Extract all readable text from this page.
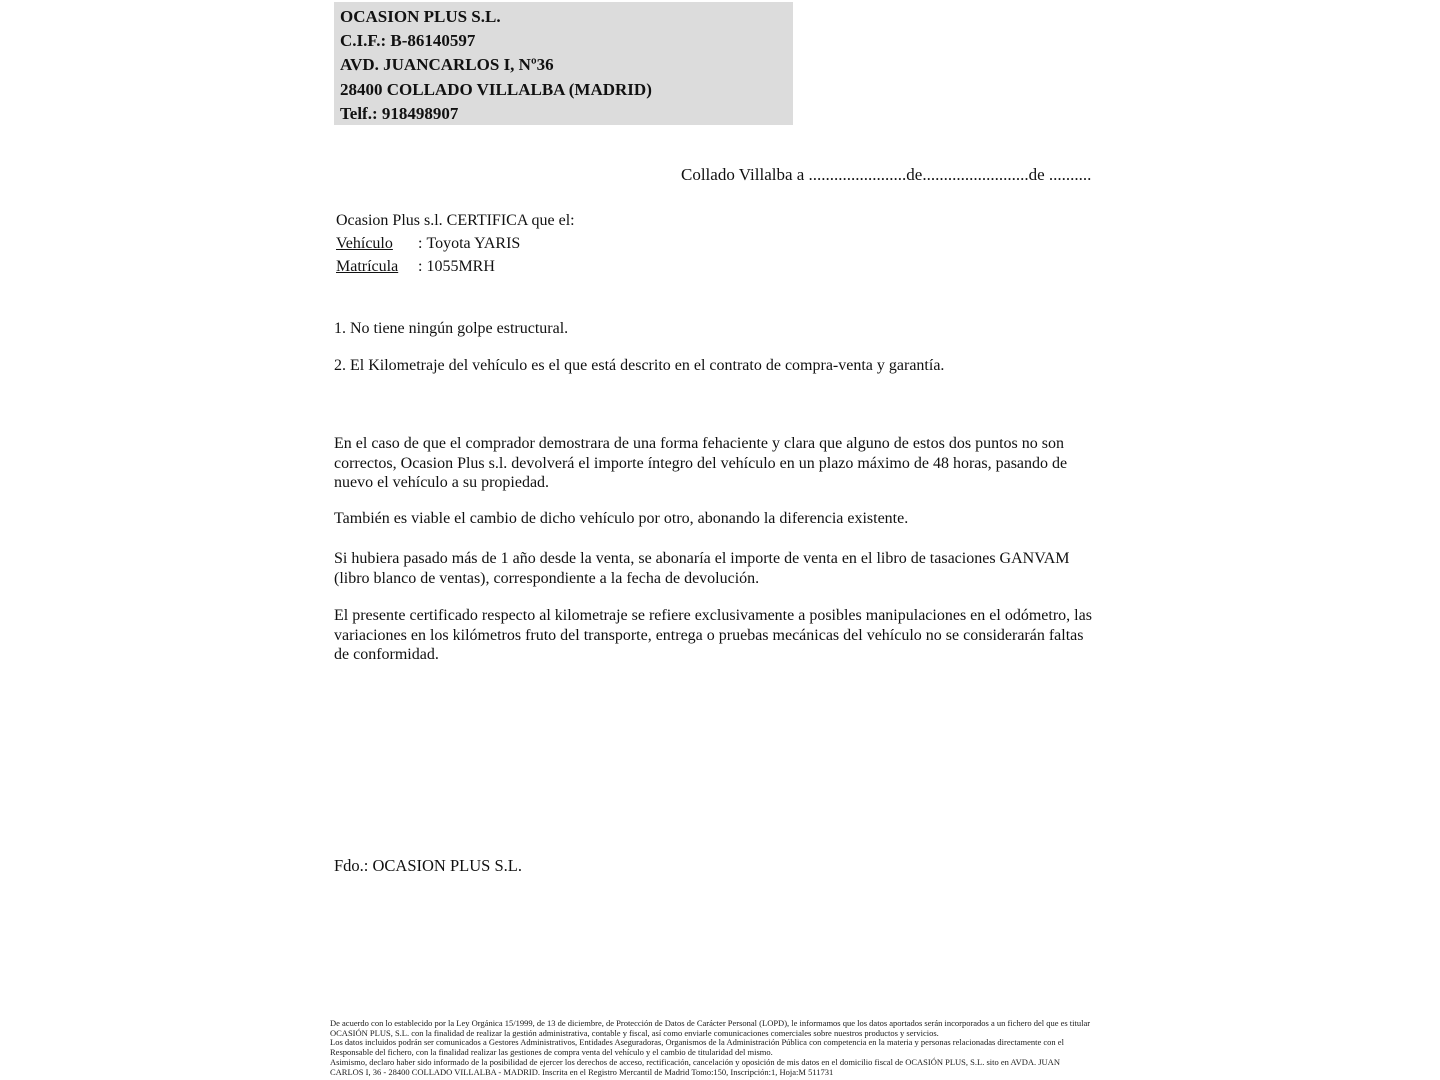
OCASION PLUS S.L.
C.I.F.: B-86140597
AVD. JUANCARLOS I, Nº36
28400 COLLADO VILLALBA (MADRID)
Telf.: 918498907
Collado Villalba a .......................de.........................de ..........
Ocasion Plus s.l. CERTIFICA que el:
Vehículo : Toyota YARIS
Matrícula : 1055MRH
1. No tiene ningún golpe estructural.
2. El Kilometraje del vehículo es el que está descrito en el contrato de compra-venta y garantía.
En el caso de que el comprador demostrara de una forma fehaciente y clara que alguno de estos dos puntos no son correctos, Ocasion Plus s.l. devolverá el importe íntegro del vehículo en un plazo máximo de 48 horas, pasando de nuevo el vehículo a su propiedad.
También es viable el cambio de dicho vehículo por otro, abonando la diferencia existente.
Si hubiera pasado más de 1 año desde la venta, se abonaría el importe de venta en el libro de tasaciones GANVAM (libro blanco de ventas), correspondiente a la fecha de devolución.
El presente certificado respecto al kilometraje se refiere exclusivamente a posibles manipulaciones en el odómetro, las variaciones en los kilómetros fruto del transporte, entrega o pruebas mecánicas del vehículo no se considerarán faltas de conformidad.
Fdo.: OCASION PLUS S.L.
De acuerdo con lo establecido por la Ley Orgánica 15/1999, de 13 de diciembre, de Protección de Datos de Carácter Personal (LOPD), le informamos que los datos aportados serán incorporados a un fichero del que es titular
OCASIÓN PLUS, S.L. con la finalidad de realizar la gestión administrativa, contable y fiscal, así como enviarle comunicaciones comerciales sobre nuestros productos y servicios.
Los datos incluidos podrán ser comunicados a Gestores Administrativos, Entidades Aseguradoras, Organismos de la Administración Pública con competencia en la materia y personas relacionadas directamente con el
Responsable del fichero, con la finalidad realizar las gestiones de compra venta del vehículo y el cambio de titularidad del mismo.
Asimismo, declaro haber sido informado de la posibilidad de ejercer los derechos de acceso, rectificación, cancelación y oposición de mis datos en el domicilio fiscal de OCASIÓN PLUS, S.L. sito en AVDA. JUAN
CARLOS I, 36 - 28400 COLLADO VILLALBA - MADRID. Inscrita en el Registro Mercantil de Madrid Tomo:150, Inscripción:1, Hoja:M 511731
